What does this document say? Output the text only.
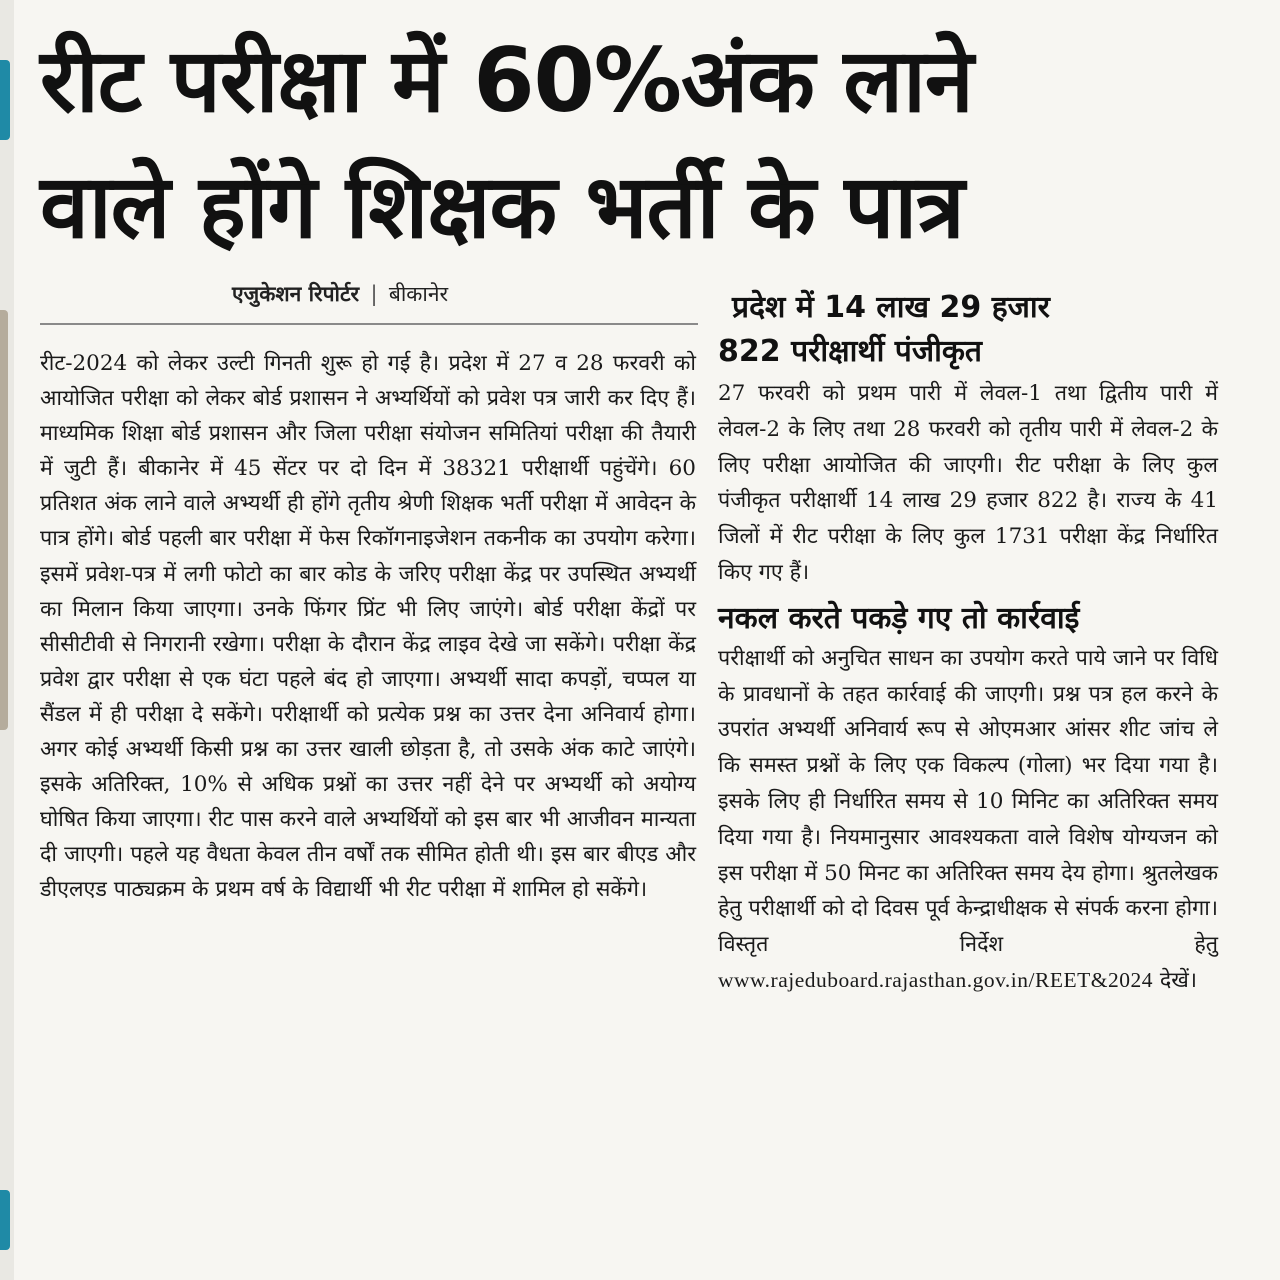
रीट परीक्षा में 60%अंक लाने
वाले होंगे शिक्षक भर्ती के पात्र
एजुकेशन रिपोर्टर | बीकानेर

रीट-2024 को लेकर उल्टी गिनती शुरू हो गई है। प्रदेश में 27 व 28 फरवरी को आयोजित परीक्षा को लेकर बोर्ड प्रशासन ने अभ्यर्थियों को प्रवेश पत्र जारी कर दिए हैं। माध्यमिक शिक्षा बोर्ड प्रशासन और जिला परीक्षा संयोजन समितियां परीक्षा की तैयारी में जुटी हैं। बीकानेर में 45 सेंटर पर दो दिन में 38321 परीक्षार्थी पहुंचेंगे। 60 प्रतिशत अंक लाने वाले अभ्यर्थी ही होंगे तृतीय श्रेणी शिक्षक भर्ती परीक्षा में आवेदन के पात्र होंगे। बोर्ड पहली बार परीक्षा में फेस रिकॉगनाइजेशन तकनीक का उपयोग करेगा। इसमें प्रवेश-पत्र में लगी फोटो का बार कोड के जरिए परीक्षा केंद्र पर उपस्थित अभ्यर्थी का मिलान किया जाएगा। उनके फिंगर प्रिंट भी लिए जाएंगे। बोर्ड परीक्षा केंद्रों पर सीसीटीवी से निगरानी रखेगा। परीक्षा के दौरान केंद्र लाइव देखे जा सकेंगे। परीक्षा केंद्र प्रवेश द्वार परीक्षा से एक घंटा पहले बंद हो जाएगा। अभ्यर्थी सादा कपड़ों, चप्पल या सैंडल में ही परीक्षा दे सकेंगे। परीक्षार्थी को प्रत्येक प्रश्न का उत्तर देना अनिवार्य होगा। अगर कोई अभ्यर्थी किसी प्रश्न का उत्तर खाली छोड़ता है, तो उसके अंक काटे जाएंगे। इसके अतिरिक्त, 10% से अधिक प्रश्नों का उत्तर नहीं देने पर अभ्यर्थी को अयोग्य घोषित किया जाएगा। रीट पास करने वाले अभ्यर्थियों को इस बार भी आजीवन मान्यता दी जाएगी। पहले यह वैधता केवल तीन वर्षों तक सीमित होती थी। इस बार बीएड और डीएलएड पाठ्यक्रम के प्रथम वर्ष के विद्यार्थी भी रीट परीक्षा में शामिल हो सकेंगे।

प्रदेश में 14 लाख 29 हजार

822 परीक्षार्थी पंजीकृत

27 फरवरी को प्रथम पारी में लेवल-1 तथा द्वितीय पारी में लेवल-2 के लिए तथा 28 फरवरी को तृतीय पारी में लेवल-2 के लिए परीक्षा आयोजित की जाएगी। रीट परीक्षा के लिए कुल पंजीकृत परीक्षार्थी 14 लाख 29 हजार 822 है। राज्य के 41 जिलों में रीट परीक्षा के लिए कुल 1731 परीक्षा केंद्र निर्धारित किए गए हैं।

नकल करते पकड़े गए तो कार्रवाई

परीक्षार्थी को अनुचित साधन का उपयोग करते पाये जाने पर विधि के प्रावधानों के तहत कार्रवाई की जाएगी। प्रश्न पत्र हल करने के उपरांत अभ्यर्थी अनिवार्य रूप से ओएमआर आंसर शीट जांच ले कि समस्त प्रश्नों के लिए एक विकल्प (गोला) भर दिया गया है। इसके लिए ही निर्धारित समय से 10 मिनिट का अतिरिक्त समय दिया गया है। नियमानुसार आवश्यकता वाले विशेष योग्यजन को इस परीक्षा में 50 मिनट का अतिरिक्त समय देय होगा। श्रुतलेखक हेतु परीक्षार्थी को दो दिवस पूर्व केन्द्राधीक्षक से संपर्क करना होगा। विस्तृत निर्देश हेतु www.rajeduboard.rajasthan.gov.in/REET&2024 देखें।
